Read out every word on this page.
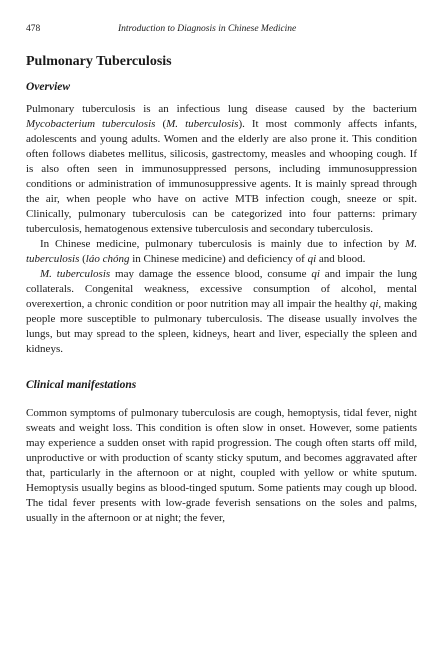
478	Introduction to Diagnosis in Chinese Medicine
Pulmonary Tuberculosis
Overview

Pulmonary tuberculosis is an infectious lung disease caused by the bacterium Mycobacterium tuberculosis (M. tuberculosis). It most commonly affects infants, adolescents and young adults. Women and the elderly are also prone it. This condition often follows diabetes mellitus, silicosis, gastrectomy, measles and whooping cough. If is also often seen in immunosuppressed persons, including immunosuppression conditions or administration of immunosuppressive agents. It is mainly spread through the air, when people who have on active MTB infection cough, sneeze or spit. Clinically, pulmonary tuberculosis can be categorized into four patterns: primary tuberculosis, hematogenous extensive tuberculosis and secondary tuberculosis.

In Chinese medicine, pulmonary tuberculosis is mainly due to infection by M. tuberculosis (láo chóng in Chinese medicine) and deficiency of qi and blood.

M. tuberculosis may damage the essence blood, consume qi and impair the lung collaterals. Congenital weakness, excessive consumption of alcohol, mental overexertion, a chronic condition or poor nutrition may all impair the healthy qi, making people more susceptible to pulmonary tuberculosis. The disease usually involves the lungs, but may spread to the spleen, kidneys, heart and liver, especially the spleen and kidneys.

Clinical manifestations

Common symptoms of pulmonary tuberculosis are cough, hemoptysis, tidal fever, night sweats and weight loss. This condition is often slow in onset. However, some patients may experience a sudden onset with rapid progression. The cough often starts off mild, unproductive or with production of scanty sticky sputum, and becomes aggravated after that, particularly in the afternoon or at night, coupled with yellow or white sputum. Hemoptysis usually begins as blood-tinged sputum. Some patients may cough up blood. The tidal fever presents with low-grade feverish sensations on the soles and palms, usually in the afternoon or at night; the fever,
